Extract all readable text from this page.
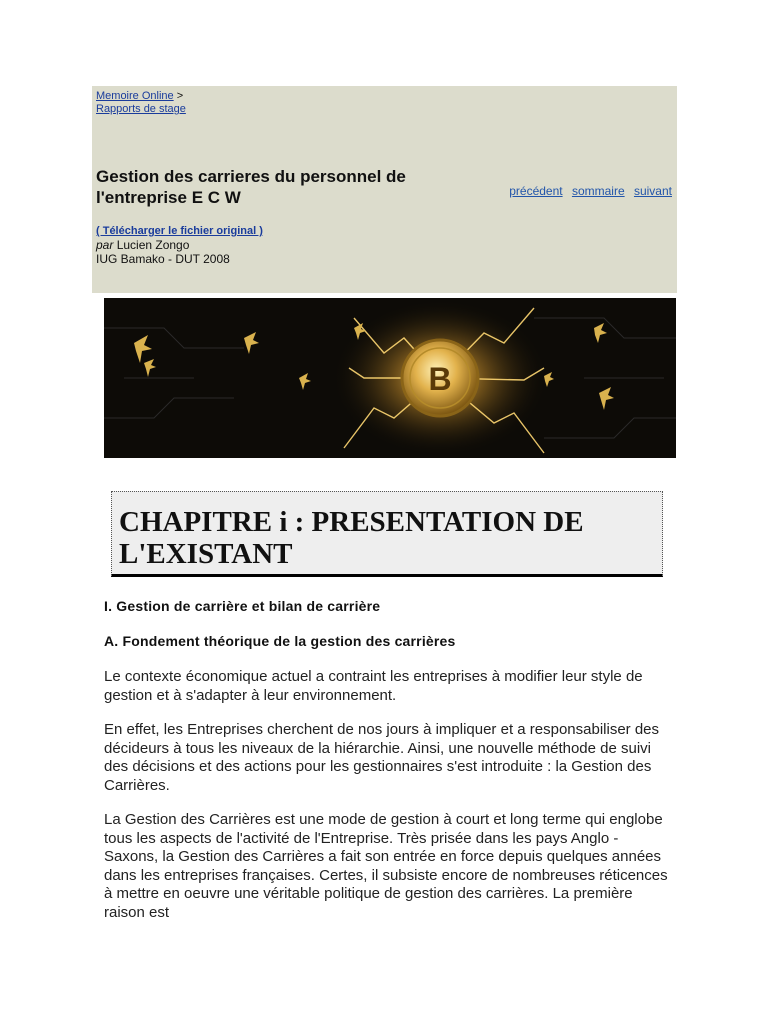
Memoire Online >
Rapports de stage
Gestion des carrieres du personnel de l'entreprise E C W	précédent sommaire suivant
( Télécharger le fichier original )
par Lucien Zongo
IUG Bamako - DUT 2008
B
CHAPITRE i : PRESENTATION DE L'EXISTANT
I. Gestion de carrière et bilan de carrière
A. Fondement théorique de la gestion des carrières
Le contexte économique actuel a contraint les entreprises à modifier leur style de gestion et à s'adapter à leur environnement.
En effet, les Entreprises cherchent de nos jours à impliquer et a responsabiliser des décideurs à tous les niveaux de la hiérarchie. Ainsi, une nouvelle méthode de suivi des décisions et des actions pour les gestionnaires s'est introduite : la Gestion des Carrières.
La Gestion des Carrières est une mode de gestion à court et long terme qui englobe tous les aspects de l'activité de l'Entreprise. Très prisée dans les pays Anglo - Saxons, la Gestion des Carrières a fait son entrée en force depuis quelques années dans les entreprises françaises. Certes, il subsiste encore de nombreuses réticences à mettre en oeuvre une véritable politique de gestion des carrières. La première raison est
